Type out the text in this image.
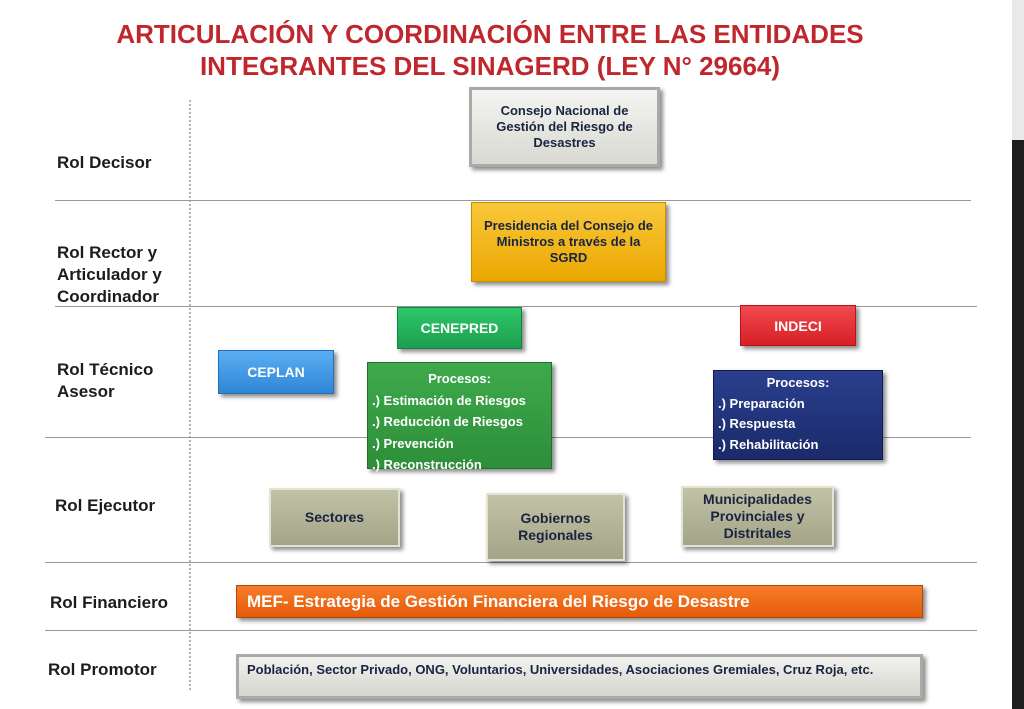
ARTICULACIÓN Y COORDINACIÓN ENTRE LAS ENTIDADES
INTEGRANTES DEL SINAGERD (LEY N° 29664)
Rol Decisor
Rol Rector y
Articulador y
Coordinador
Rol Técnico
Asesor
Rol Ejecutor
Rol Financiero
Rol Promotor
Consejo Nacional de Gestión del Riesgo de Desastres
Presidencia del Consejo de Ministros a través de la SGRD
CENEPRED	INDECI
CEPLAN	Procesos:
.) Estimación de Riesgos
.) Reducción de Riesgos
.) Prevención
.) Reconstrucción
Procesos:
.) Preparación
.) Respuesta
.) Rehabilitación
Sectores	Gobiernos Regionales
Municipalidades Provinciales y Distritales
MEF- Estrategia de Gestión Financiera del Riesgo de Desastre
Población, Sector Privado, ONG, Voluntarios, Universidades, Asociaciones Gremiales, Cruz Roja, etc.
